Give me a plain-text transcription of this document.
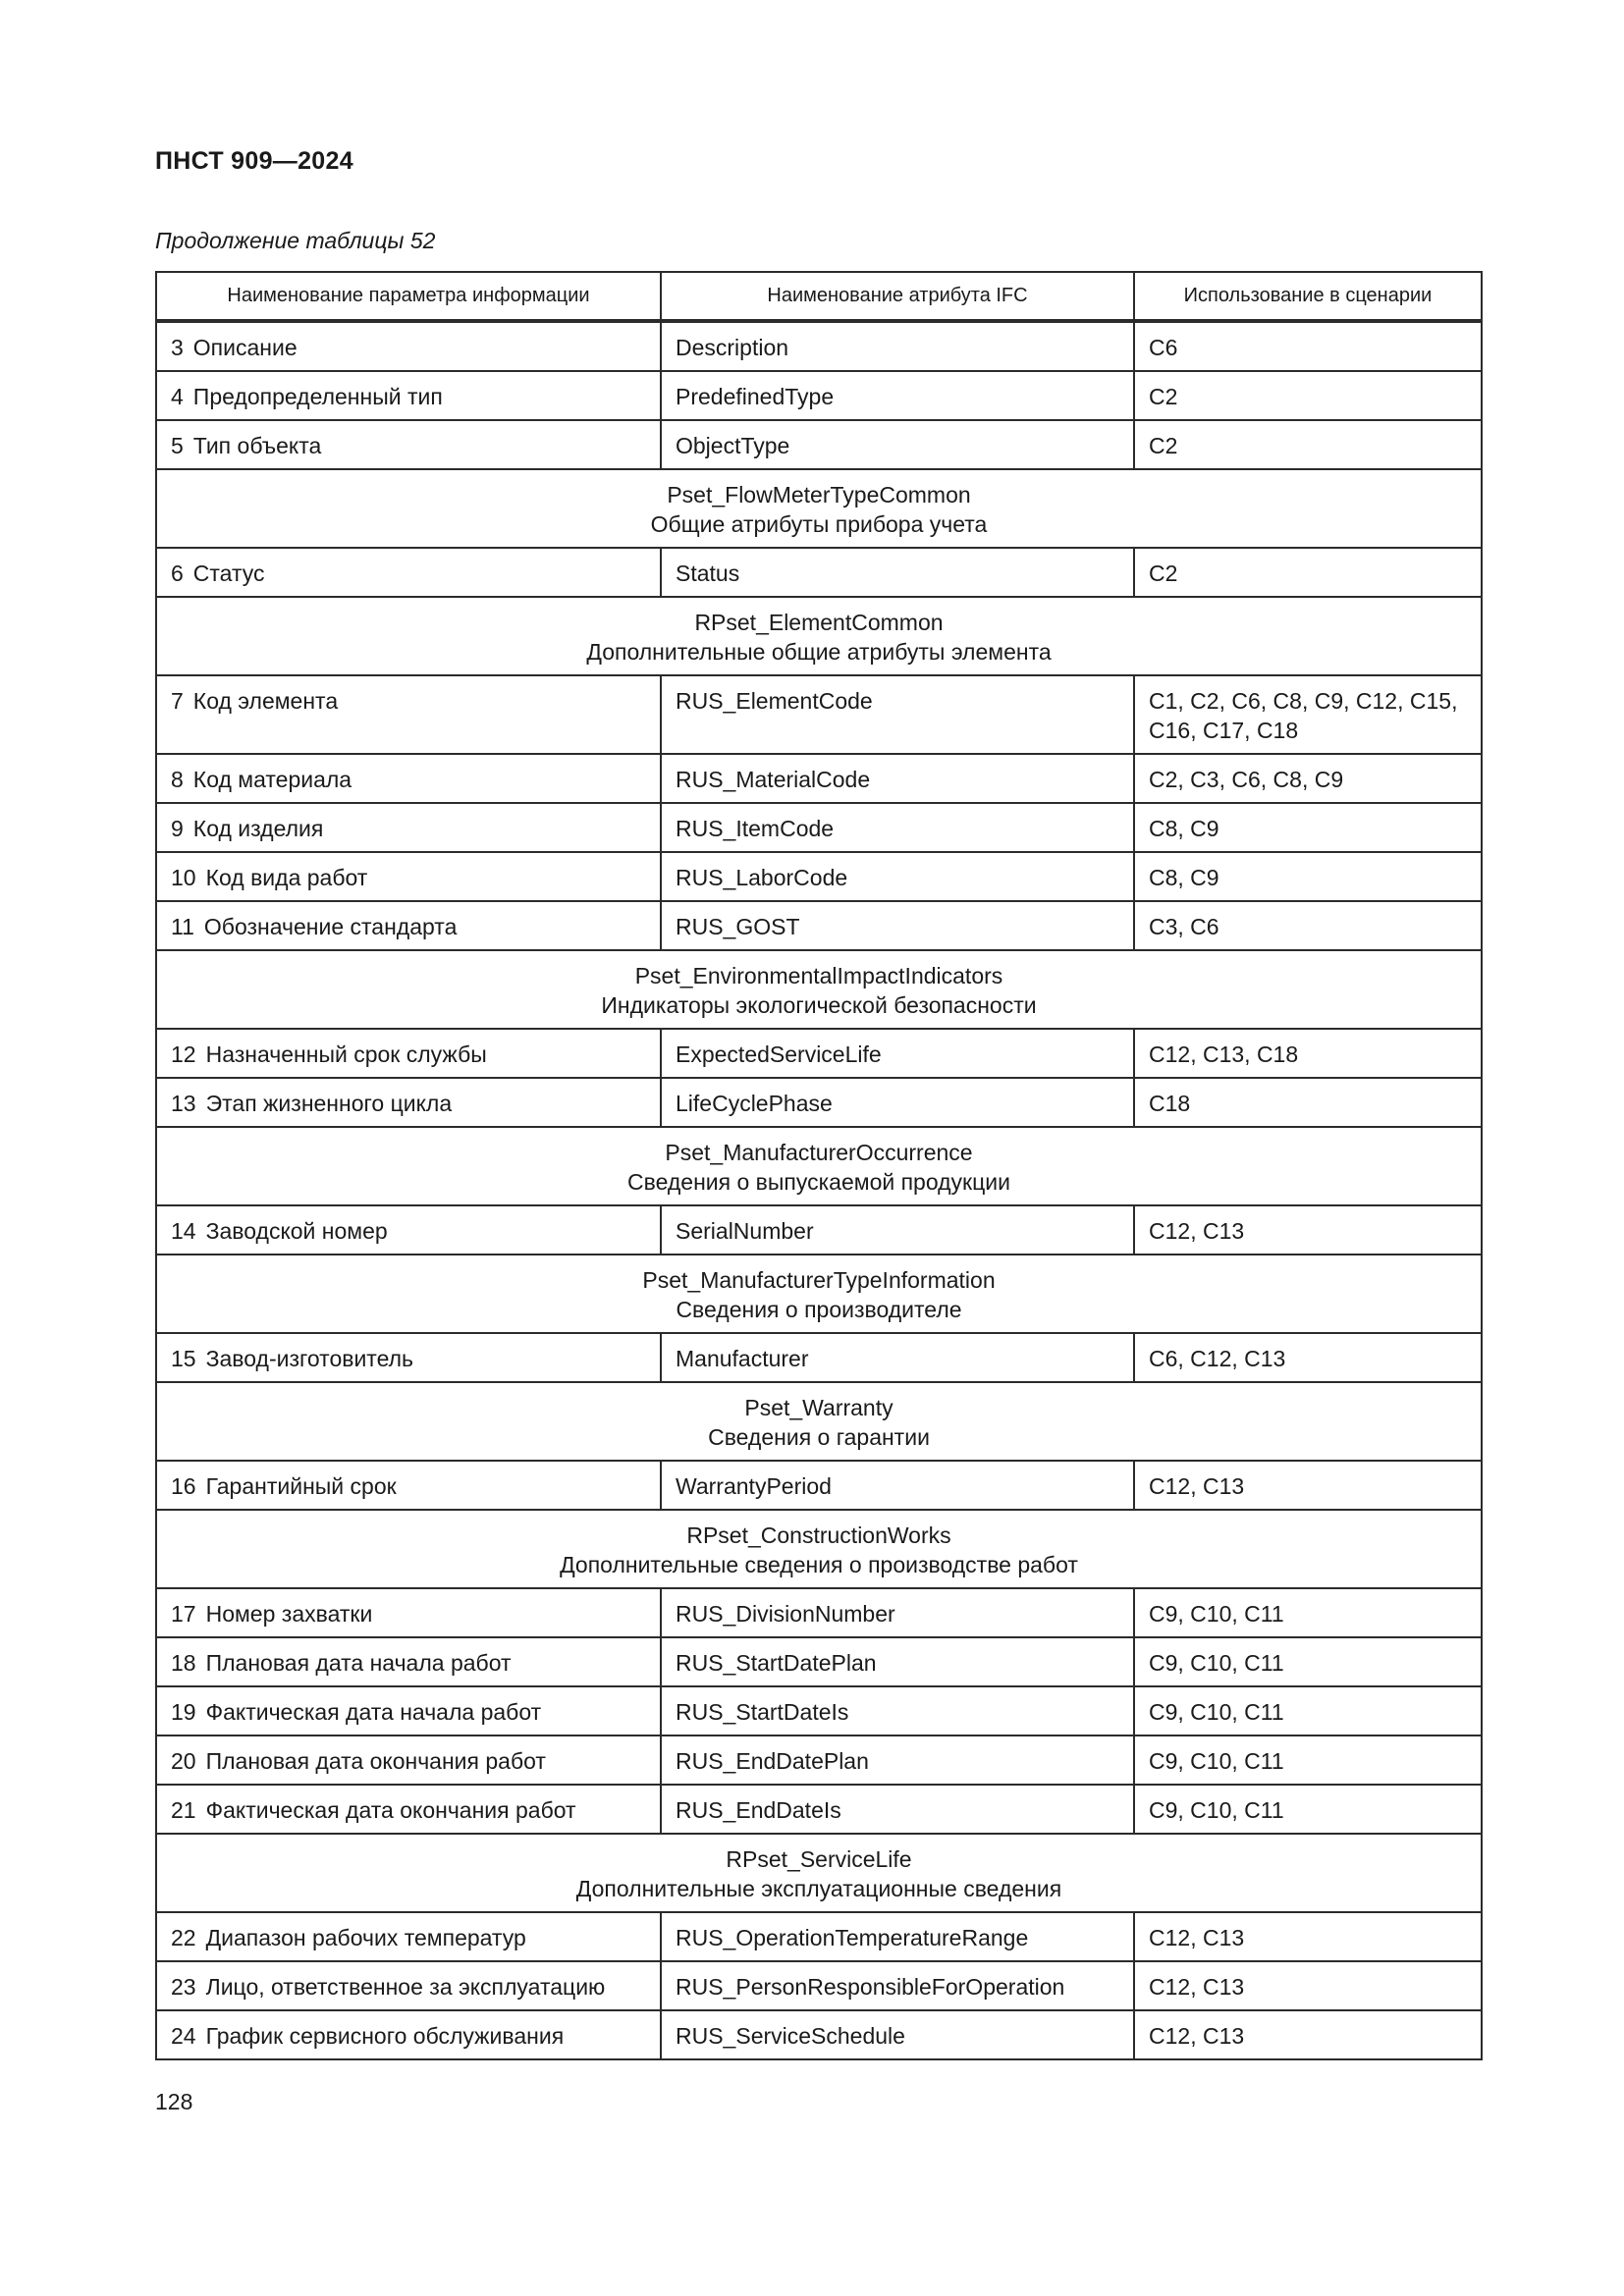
ПНСТ 909—2024
Продолжение таблицы 52
Наименование параметра информации	Наименование атрибута IFC	Использование в сценарии
3 Описание	Description	C6
4 Предопределенный тип	PredefinedType	C2
5 Тип объекта	ObjectType	C2

Pset_FlowMeterTypeCommon
Общие атрибуты прибора учета		

6 Статус	Status	C2

RPset_ElementCommon
Дополнительные общие атрибуты элемента		

7 Код элемента	RUS_ElementCode	C1, C2, C6, C8, C9, C12, C15, C16, C17, C18
8 Код материала	RUS_MaterialCode	C2, C3, C6, C8, C9
9 Код изделия	RUS_ItemCode	C8, C9
10 Код вида работ	RUS_LaborCode	C8, C9
11 Обозначение стандарта	RUS_GOST	C3, C6

Pset_EnvironmentalImpactIndicators
Индикаторы экологической безопасности		

12 Назначенный срок службы	ExpectedServiceLife	C12, C13, C18
13 Этап жизненного цикла	LifeCyclePhase	C18

Pset_ManufacturerOccurrence
Сведения о выпускаемой продукции		

14 Заводской номер	SerialNumber	C12, C13

Pset_ManufacturerTypeInformation
Сведения о производителе		

15 Завод-изготовитель	Manufacturer	C6, C12, C13

Pset_Warranty
Сведения о гарантии		

16 Гарантийный срок	WarrantyPeriod	C12, C13

RPset_ConstructionWorks
Дополнительные сведения о производстве работ		

17 Номер захватки	RUS_DivisionNumber	C9, C10, C11
18 Плановая дата начала работ	RUS_StartDatePlan	C9, C10, C11
19 Фактическая дата начала работ	RUS_StartDateIs	C9, C10, C11
20 Плановая дата окончания работ	RUS_EndDatePlan	C9, C10, C11
21 Фактическая дата окончания работ	RUS_EndDateIs	C9, C10, C11

RPset_ServiceLife
Дополнительные эксплуатационные сведения		

22 Диапазон рабочих температур	RUS_OperationTemperatureRange	C12, C13
23 Лицо, ответственное за эксплуатацию	RUS_PersonResponsibleForOperation	C12, C13
24 График сервисного обслуживания	RUS_ServiceSchedule	C12, C13
128
